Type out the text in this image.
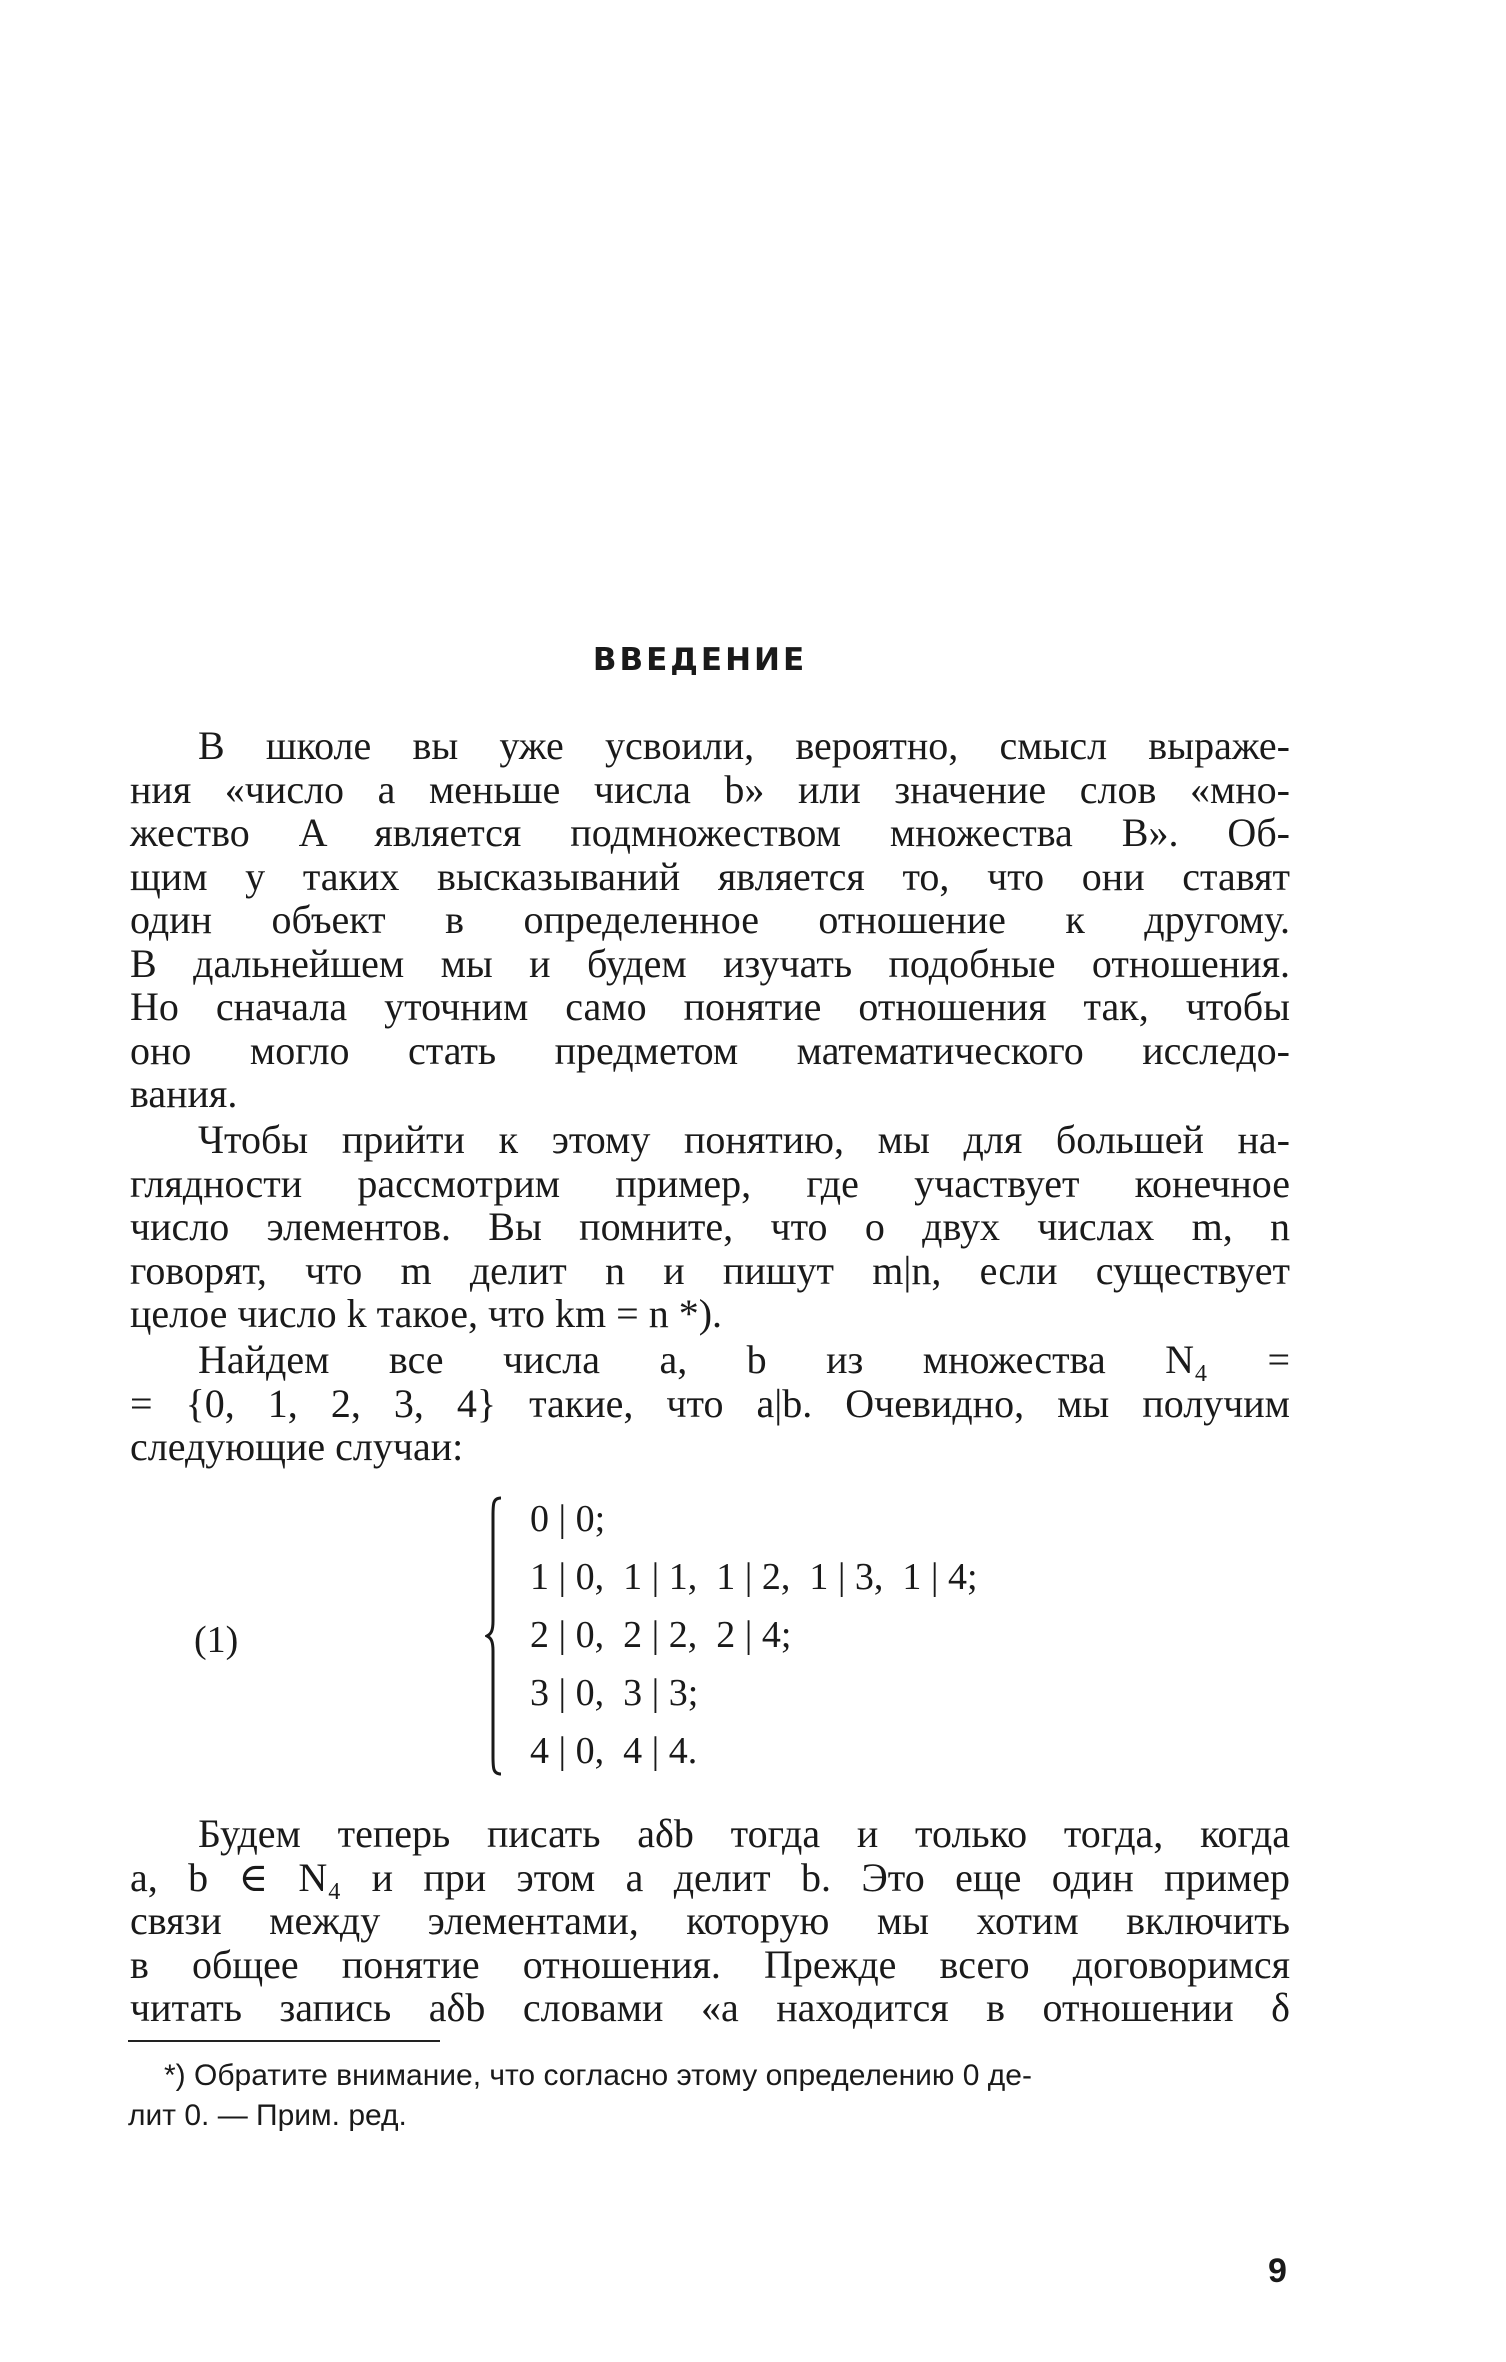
ВВЕДЕНИЕ
В школе вы уже усвоили, вероятно, смысл выраже-
ния «число a меньше числа b» или значение слов «мно-
жество A является подмножеством множества B». Об-
щим у таких высказываний является то, что они ставят
один объект в определенное отношение к другому.
В дальнейшем мы и будем изучать подобные отношения.
Но сначала уточним само понятие отношения так, чтобы
оно могло стать предметом математического исследо-
вания.
Чтобы прийти к этому понятию, мы для большей на-
глядности рассмотрим пример, где участвует конечное
число элементов. Вы помните, что о двух числах m, n
говорят, что m делит n и пишут m|n, если существует
целое число k такое, что km = n *).
Найдем все числа a, b из множества N₄ =
= {0, 1, 2, 3, 4} такие, что a|b. Очевидно, мы получим
следующие случаи:
(1)
0 | 0;
1 | 0,  1 | 1,  1 | 2,  1 | 3,  1 | 4;
2 | 0,  2 | 2,  2 | 4;
3 | 0,  3 | 3;
4 | 0,  4 | 4.
Будем теперь писать aδb тогда и только тогда, когда
a, b ∈ N₄ и при этом a делит b. Это еще один пример
связи между элементами, которую мы хотим включить
в общее понятие отношения. Прежде всего договоримся
читать запись aδb словами «a находится в отношении δ
*) Обратите внимание, что согласно этому определению 0 де-
лит 0. — Прим. ред.
9
